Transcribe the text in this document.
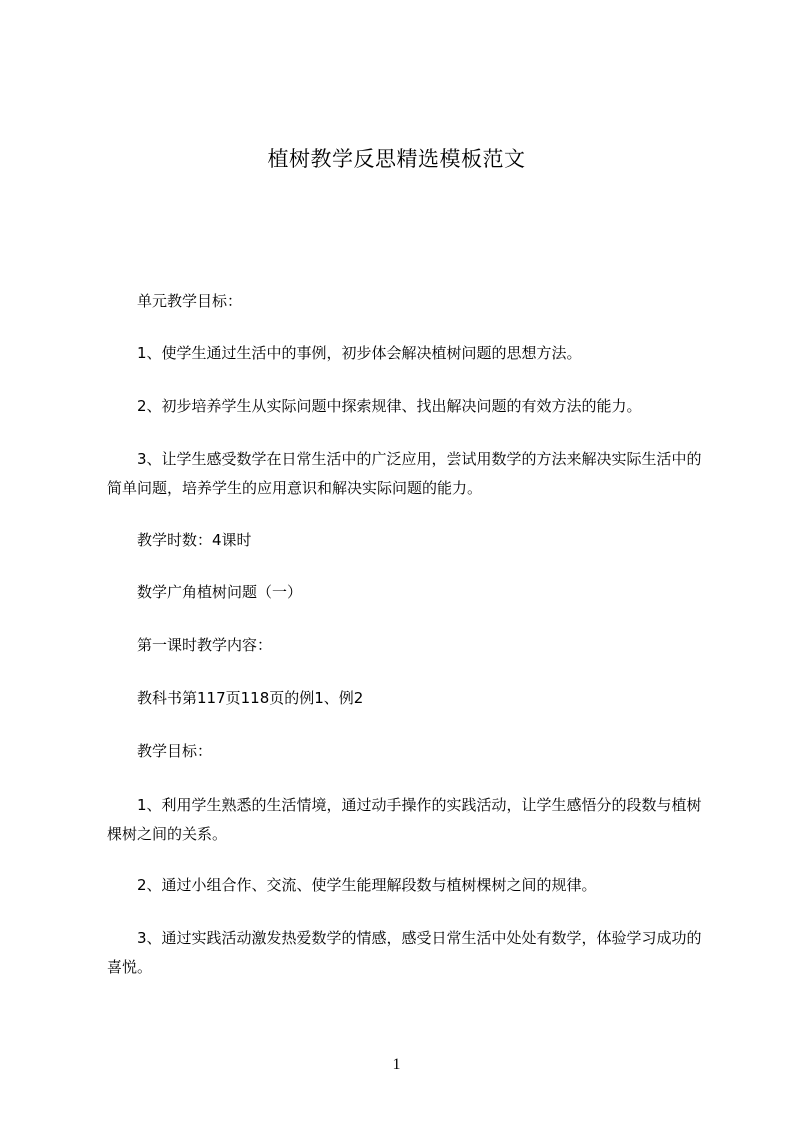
植树教学反思精选模板范文

单元教学目标：

1、使学生通过生活中的事例，初步体会解决植树问题的思想方法。

2、初步培养学生从实际问题中探索规律、找出解决问题的有效方法的能力。

3、让学生感受数学在日常生活中的广泛应用，尝试用数学的方法来解决实际生活中的简单问题，培养学生的应用意识和解决实际问题的能力。

教学时数：4课时

数学广角植树问题（一）

第一课时教学内容：

教科书第117页118页的例1、例2

教学目标：

1、利用学生熟悉的生活情境，通过动手操作的实践活动，让学生感悟分的段数与植树棵树之间的关系。

2、通过小组合作、交流、使学生能理解段数与植树棵树之间的规律。

3、通过实践活动激发热爱数学的情感，感受日常生活中处处有数学，体验学习成功的喜悦。

1
